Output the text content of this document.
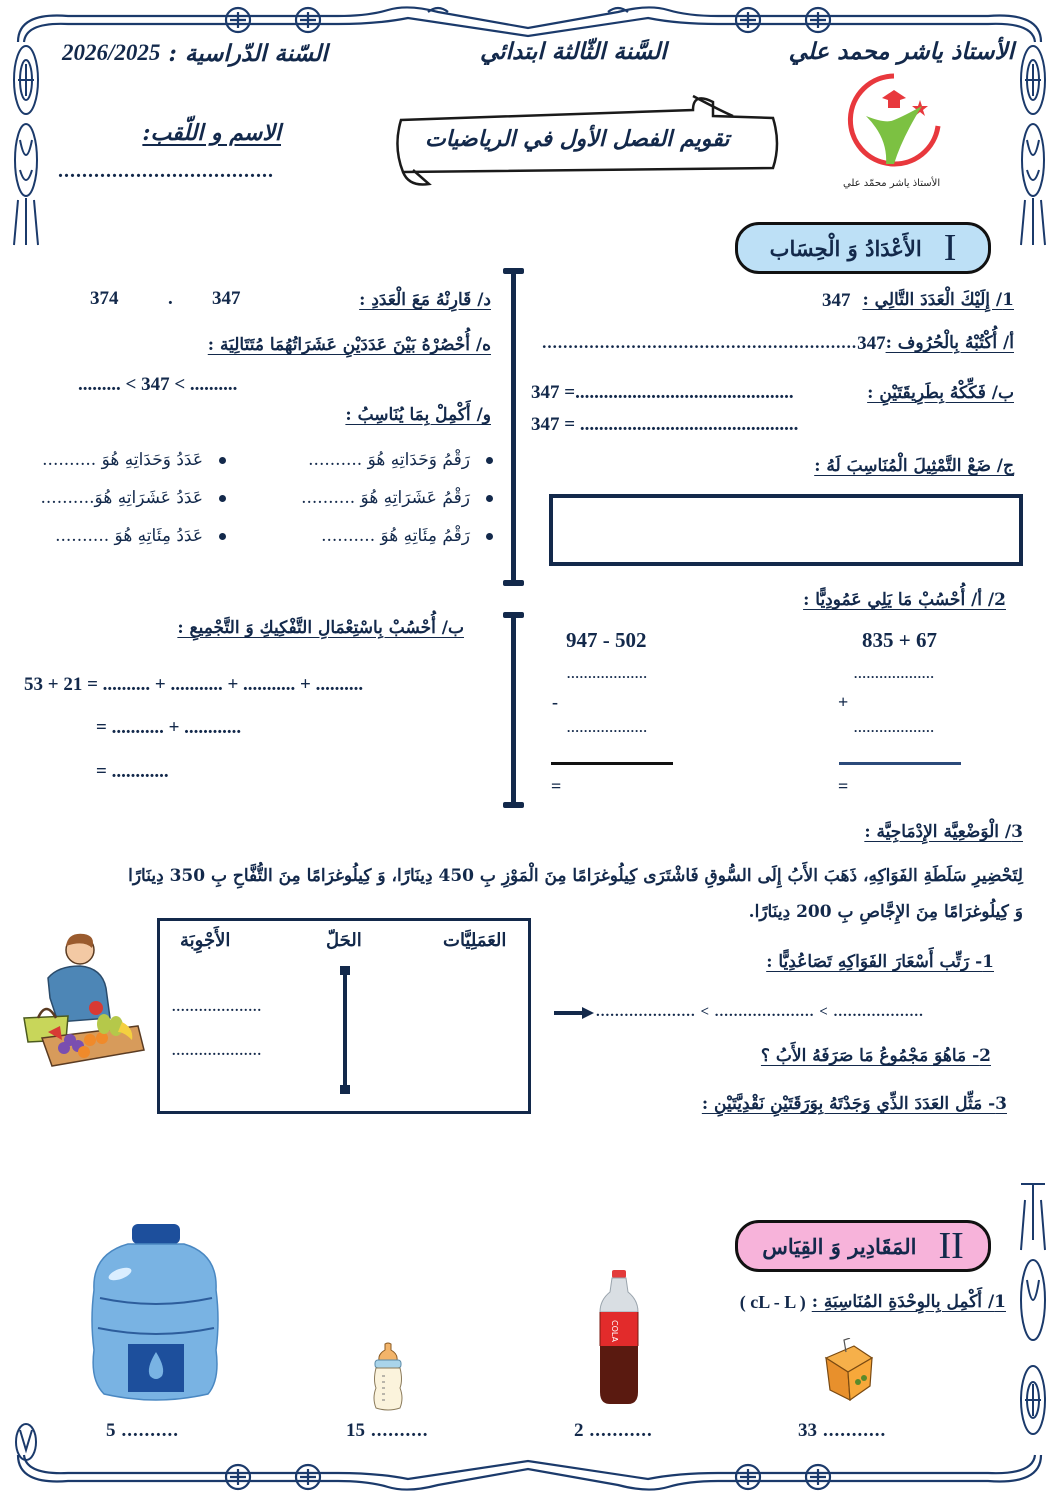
الأستاذ ياشر محمد علي
السَّنة الثّالثة ابتدائي
السّنة الدّراسية :
2026/2025
الاسم و اللّقب:
....................................
تقويم الفصل الأول في الرياضيات
الأستاذ ياشر محمّد علي
I
الأَعْدَادُ وَ الْحِسَاب
1/ إِلَيْكَ الْعَدَدَ التَّالِي :
347
أ/ أُكْتُبْهُ بِالْحُرُوف :
347
............................................................
ب/ فَكِّكْهُ بِطَرِيقَتَيْنِ :
347 =..............................................
347 = ..............................................
ج/ ضَعْ التَّمْثِيلَ الْمُنَاسِبَ لَهُ :
د/ قَارِنْهُ مَعَ الْعَدَدِ :
347
.
374
ه/ أُحْصُرْهُ بَيْنَ عَدَدَيْنِ عَشَرَاتُهُمَا مُتَتَالِيَة :
......... < 347 < ..........
و/ أَكْمِلْ بِمَا يُنَاسِبُ :
رَقْمُ وَحَدَاتِهِ هُوَ ..........
رَقْمُ عَشَرَاتِهِ هُوَ ..........
رَقْمُ مِئَاتِهِ هُوَ ..........
عَدَدُ وَحَدَاتِهِ هُوَ ..........
عَدَدُ عَشَرَاتِهِ هُوَ..........
عَدَدُ مِئَاتِهِ هُوَ ..........
2/ أ/ أُحْسُبْ مَا يَلِي عَمُودِيًّا :
835 + 67
...................
+
...................
=
947 - 502
...................
-
...................
=
ب/ أُحْسُبْ بِاسْتِعْمَالِ التَّفْكِيكِ وَ التَّجْمِيعِ :
53 + 21 = .......... + ........... + ........... + ..........
= ........... + ............
= ............
3/ الْوَضْعِيَّة الإِدْمَاجِيَّة :
لِتَحْضِيرِ سَلَطَةِ الفَوَاكِهِ، ذَهَبَ الأَبُ إِلَى السُّوقِ فَاشْتَرَى كِيلُوغرَامًا مِنَ الْمَوْزِ بِ 450 دِينَارًا، وَ كِيلُوغرَامًا مِنَ التُّفَّاحِ بِ 350 دِينَارًا
وَ كِيلُوغرَامًا مِنَ الإِجَّاصِ بِ 200 دِينَارًا.
العَمَلِيَّات
الحَلّ
الأَجْوِبَة
....................
....................
1- رَتِّب أَسْعَارَ الفَوَاكِهِ تَصَاعُدِيًّا :
..................... < ..................... < ...................
2- مَاهُوَ مَجْمُوعُ مَا صَرَفَهُ الأَبُ ؟
3- مَثِّل العَدَدَ الذِّي وَجَدْتَهُ بِوَرَقَتَيْنِ نَقْدِيَّتَيْنِ :
II
المَقَادِير وَ القِيَاس
1/ أَكْمِل بِالوِحْدَةِ المُنَاسِبَةِ :
( cL - L )
COLA
33 ...........
2 ...........
15 ..........
5 ..........
